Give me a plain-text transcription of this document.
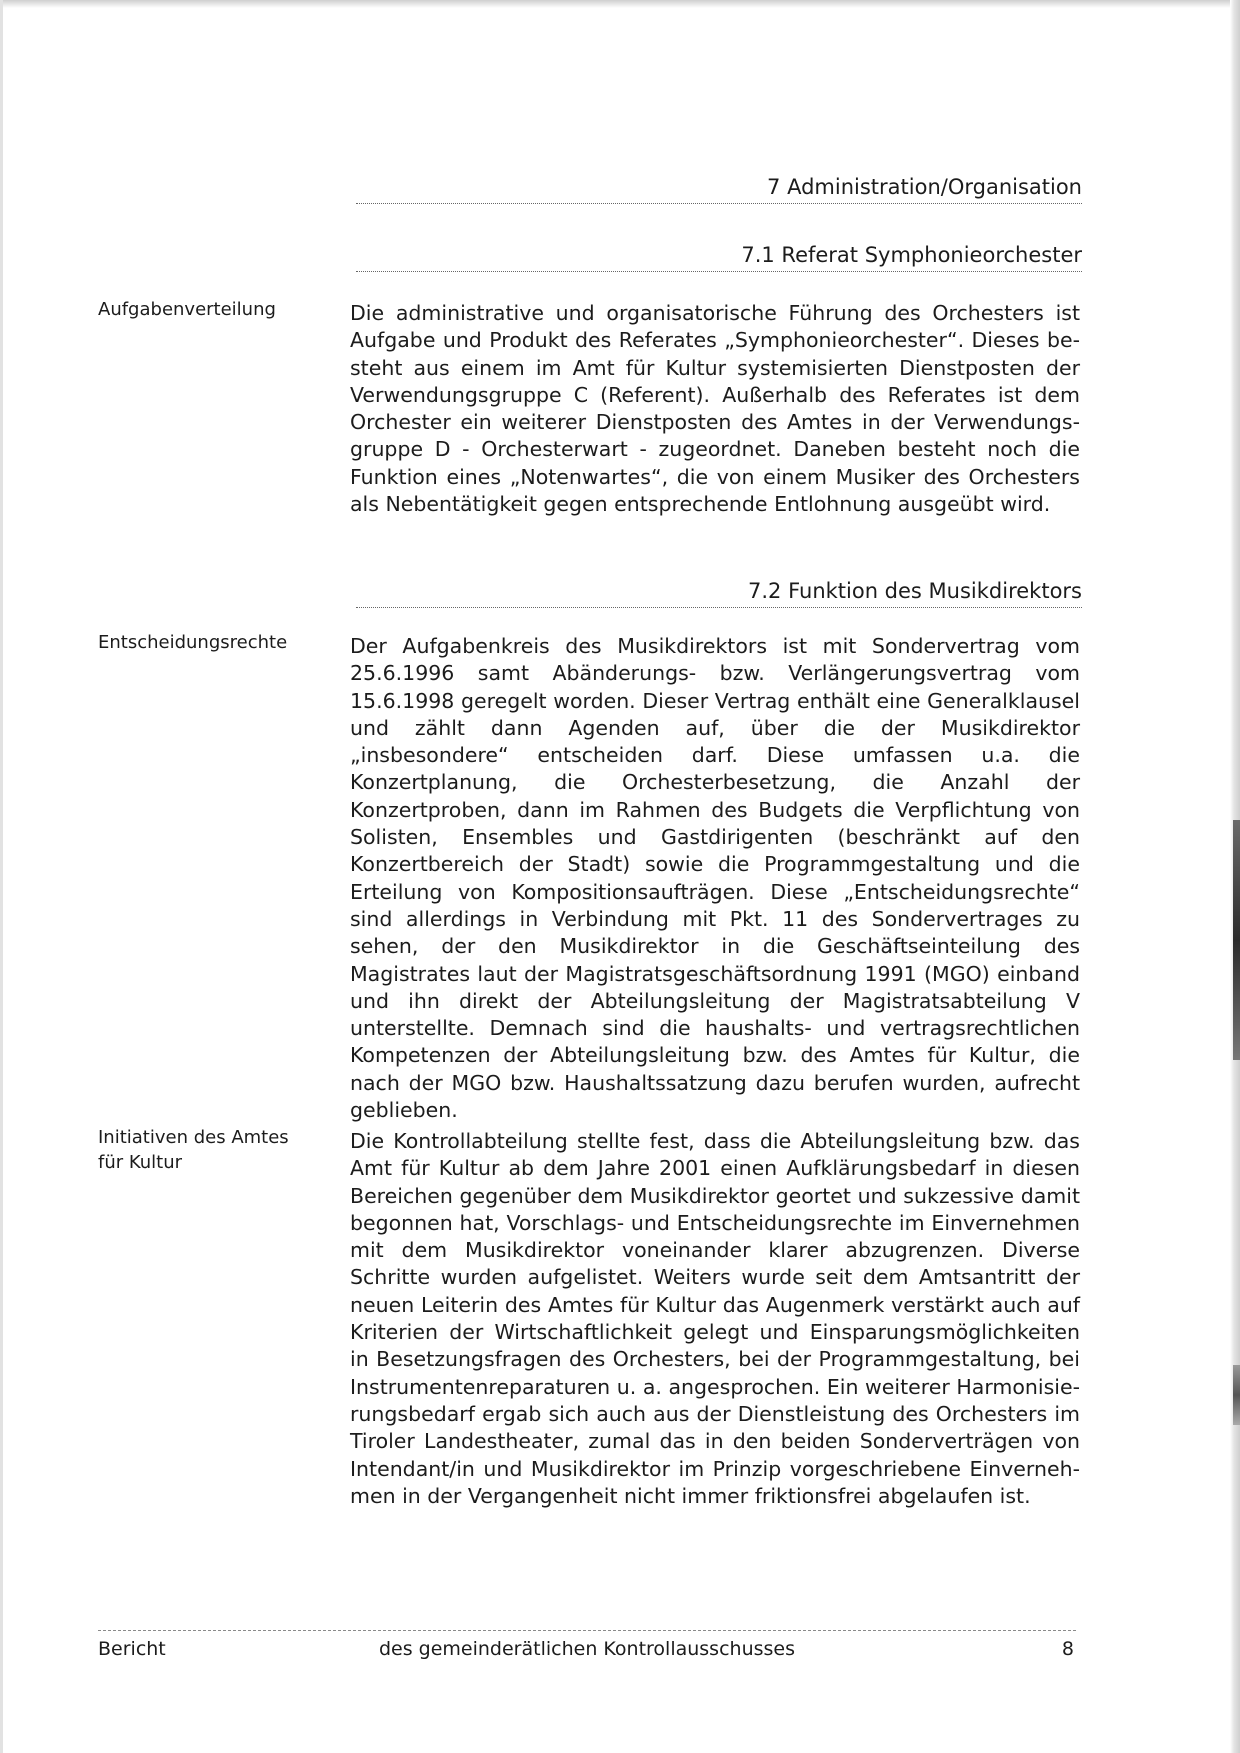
7 Administration/Organisation
7.1 Referat Symphonieorchester
Aufgabenverteilung	Die administrative und organisatorische Führung des Orchesters ist Aufgabe und Produkt des Referates „Symphonieorchester“. Dieses besteht aus einem im Amt für Kultur systemisierten Dienstposten der Verwendungsgruppe C (Referent). Außerhalb des Referates ist dem Orchester ein weiterer Dienstposten des Amtes in der Verwendungsgruppe D - Orchesterwart - zugeordnet. Daneben besteht noch die Funktion eines „Notenwartes“, die von einem Musiker des Orchesters als Nebentätigkeit gegen entsprechende Entlohnung ausgeübt wird.
7.2 Funktion des Musikdirektors
Entscheidungsrechte	Der Aufgabenkreis des Musikdirektors ist mit Sondervertrag vom 25.6.1996 samt Abänderungs- bzw. Verlängerungsvertrag vom 15.6.1998 geregelt worden. Dieser Vertrag enthält eine Generalklausel und zählt dann Agenden auf, über die der Musikdirektor „insbesondere“ entscheiden darf. Diese umfassen u.a. die Konzertplanung, die Orchesterbesetzung, die Anzahl der Konzertproben, dann im Rahmen des Budgets die Verpflichtung von Solisten, Ensembles und Gastdirigenten (beschränkt auf den Konzertbereich der Stadt) sowie die Programmgestaltung und die Erteilung von Kompositionsaufträgen. Diese „Entscheidungsrechte“ sind allerdings in Verbindung mit Pkt. 11 des Sondervertrages zu sehen, der den Musikdirektor in die Geschäftseinteilung des Magistrates laut der Magistratsgeschäftsordnung 1991 (MGO) einband und ihn direkt der Abteilungsleitung der Magistratsabteilung V unterstellte. Demnach sind die haushalts- und vertragsrechtlichen Kompetenzen der Abteilungsleitung bzw. des Amtes für Kultur, die nach der MGO bzw. Haushaltssatzung dazu berufen wurden, aufrecht geblieben.
Initiativen des Amtes für Kultur
Die Kontrollabteilung stellte fest, dass die Abteilungsleitung bzw. das Amt für Kultur ab dem Jahre 2001 einen Aufklärungsbedarf in diesen Bereichen gegenüber dem Musikdirektor geortet und sukzessive damit begonnen hat, Vorschlags- und Entscheidungsrechte im Einvernehmen mit dem Musikdirektor voneinander klarer abzugrenzen. Diverse Schritte wurden aufgelistet. Weiters wurde seit dem Amtsantritt der neuen Leiterin des Amtes für Kultur das Augenmerk verstärkt auch auf Kriterien der Wirtschaftlichkeit gelegt und Einsparungsmöglichkeiten in Besetzungsfragen des Orchesters, bei der Programmgestaltung, bei Instrumentenreparaturen u. a. angesprochen. Ein weiterer Harmonisierungsbedarf ergab sich auch aus der Dienstleistung des Orchesters im Tiroler Landestheater, zumal das in den beiden Sonderverträgen von Intendant/in und Musikdirektor im Prinzip vorgeschriebene Einvernehmen in der Vergangenheit nicht immer friktionsfrei abgelaufen ist.
Bericht	des gemeinderätlichen Kontrollausschusses	8
